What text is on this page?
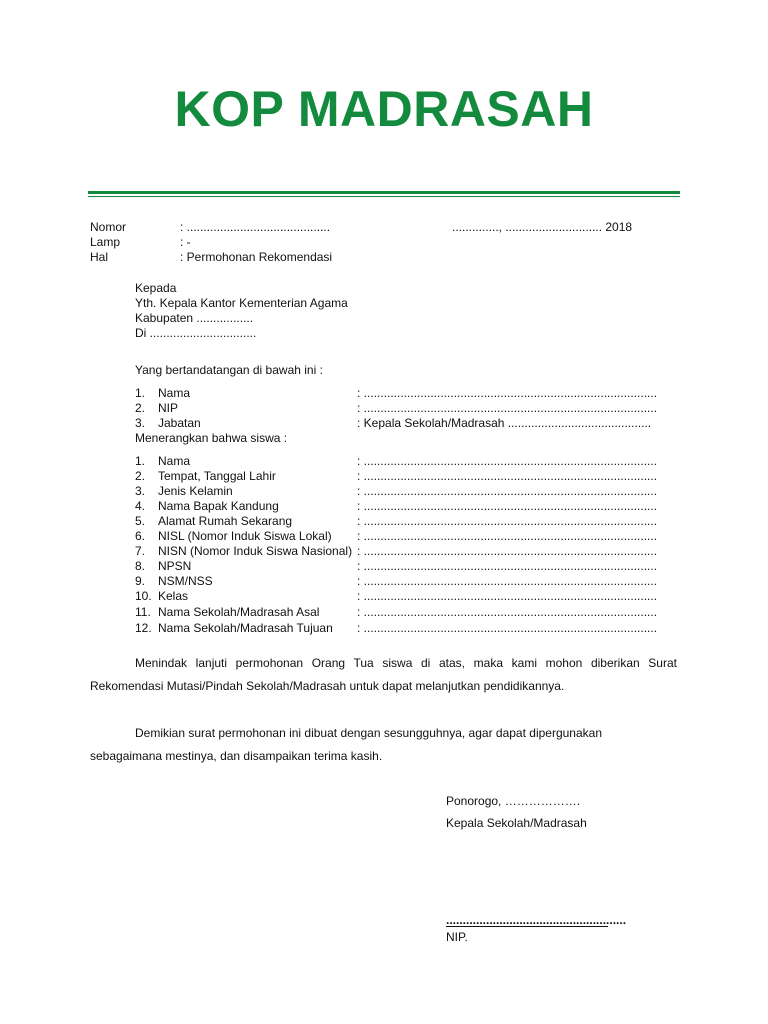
KOP MADRASAH
Nomor	: ...........................................	.............., ............................. 2018
Lamp	: -
Hal	: Permohonan Rekomendasi
Kepada
Yth. Kepala Kantor Kementerian Agama
Kabupaten .................
Di ................................
Yang bertandatangan di bawah ini :
1. Nama	: ........................................................................................
2. NIP	: ........................................................................................
3. Jabatan	: Kepala Sekolah/Madrasah ...........................................
Menerangkan bahwa siswa :
1. Nama	: ........................................................................................
2. Tempat, Tanggal Lahir	: ........................................................................................
3. Jenis Kelamin	: ........................................................................................
4. Nama Bapak Kandung	: ........................................................................................
5. Alamat Rumah Sekarang	: ........................................................................................
6. NISL (Nomor Induk Siswa Lokal) : ........................................................................................
7. NISN (Nomor Induk Siswa Nasional) : ........................................................................................
8. NPSN	: ........................................................................................
9. NSM/NSS	: ........................................................................................
10. Kelas	: ........................................................................................
11. Nama Sekolah/Madrasah Asal	: ........................................................................................
12. Nama Sekolah/Madrasah Tujuan : ........................................................................................
Menindak lanjuti permohonan Orang Tua siswa di atas, maka kami mohon diberikan Surat Rekomendasi Mutasi/Pindah Sekolah/Madrasah untuk dapat melanjutkan pendidikannya.
Demikian surat permohonan ini dibuat dengan sesungguhnya, agar dapat dipergunakan
sebagaimana mestinya, dan disampaikan terima kasih.
Ponorogo, ……………….
Kepala Sekolah/Madrasah
......................................................
NIP.
